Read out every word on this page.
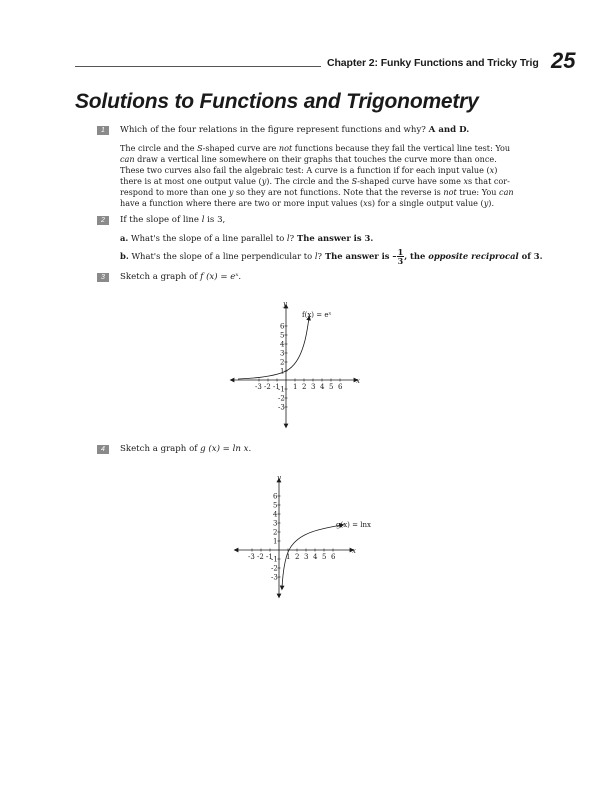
Chapter 2: Funky Functions and Tricky Trig 25
Solutions to Functions and Trigonometry
1	Which of the four relations in the figure represent functions and why? A and D.

The circle and the S-shaped curve are not functions because they fail the vertical line test: You

can draw a vertical line somewhere on their graphs that touches the curve more than once.

These two curves also fail the algebraic test: A curve is a function if for each input value (x)

there is at most one output value (y). The circle and the S-shaped curve have some xs that cor-

respond to more than one y so they are not functions. Note that the reverse is not true: You can

have a function where there are two or more input values (xs) for a single output value (y).

2	If the slope of line l is 3,
a. What's the slope of a line parallel to l? The answer is 3.
b. What's the slope of a line perpendicular to l? The answer is – $\frac{1}{3}$ , the opposite reciprocal of 3.
3	Sketch a graph of f (x) = eˣ.
-3 -2 -1 1 2 3 4 5 6
6
5
4
3
2
1
-1
-2
-3
y
x
f(x) = eˣ
4	Sketch a graph of g (x) = ln x.
-3 -2 -1 1 2 3 4 5 6
6
5
4
3
2
1
-1
-2
-3
y
x
g(x) = lnx
